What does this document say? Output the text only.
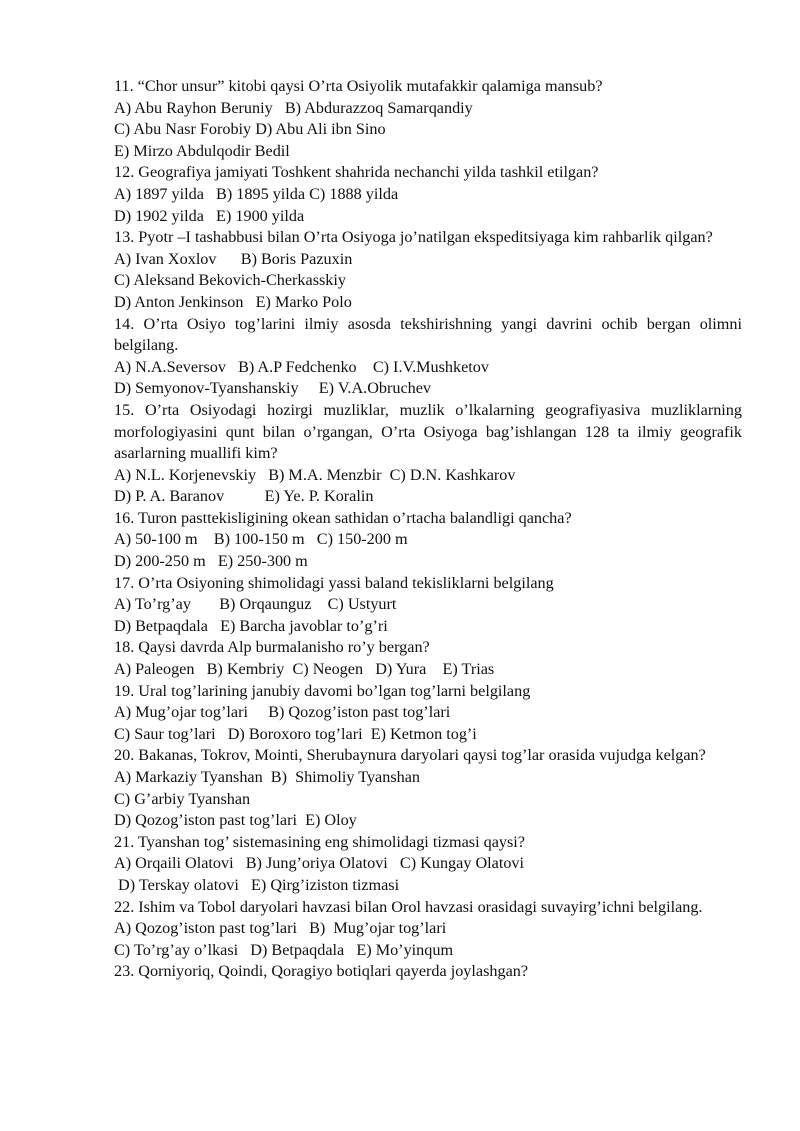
11. “Chor unsur” kitobi qaysi O’rta Osiyolik mutafakkir qalamiga mansub?
A) Abu Rayhon Beruniy   B) Abdurazzoq Samarqandiy
C) Abu Nasr Forobiy D) Abu Ali ibn Sino
E) Mirzo Abdulqodir Bedil
12. Geografiya jamiyati Toshkent shahrida nechanchi yilda tashkil etilgan?
A) 1897 yilda   B) 1895 yilda C) 1888 yilda
D) 1902 yilda   E) 1900 yilda
13. Pyotr –I tashabbusi bilan O’rta Osiyoga jo’natilgan ekspeditsiyaga kim rahbarlik qilgan?
A) Ivan Xoxlov      B) Boris Pazuxin
C) Aleksand Bekovich-Cherkasskiy
D) Anton Jenkinson   E) Marko Polo
14. O’rta Osiyo tog’larini ilmiy asosda tekshirishning yangi davrini ochib bergan olimni belgilang.
A) N.A.Seversov   B) A.P Fedchenko    C) I.V.Mushketov
D) Semyonov-Tyanshanskiy     E) V.A.Obruchev
15. O’rta Osiyodagi hozirgi muzliklar, muzlik o’lkalarning geografiyasiva muzliklarning morfologiyasini qunt bilan o’rgangan, O’rta Osiyoga bag’ishlangan 128 ta ilmiy geografik asarlarning muallifi kim?
A) N.L. Korjenevskiy   B) M.A. Menzbir  C) D.N. Kashkarov
D) P. A. Baranov          E) Ye. P. Koralin
16. Turon pasttekisligining okean sathidan o’rtacha balandligi qancha?
A) 50-100 m    B) 100-150 m   C) 150-200 m
D) 200-250 m   E) 250-300 m
17. O’rta Osiyoning shimolidagi yassi baland tekisliklarni belgilang
A) To’rg’ay       B) Orqaunguz    C) Ustyurt
D) Betpaqdala   E) Barcha javoblar to’g’ri
18. Qaysi davrda Alp burmalanisho ro’y bergan?
A) Paleogen   B) Kembriy  C) Neogen   D) Yura    E) Trias
19. Ural tog’larining janubiy davomi bo’lgan tog’larni belgilang
A) Mug’ojar tog’lari     B) Qozog’iston past tog’lari
C) Saur tog’lari   D) Boroxoro tog’lari  E) Ketmon tog’i
20. Bakanas, Tokrov, Mointi, Sherubaynura daryolari qaysi tog’lar orasida vujudga kelgan?
A) Markaziy Tyanshan  B)  Shimoliy Tyanshan
C) G’arbiy Tyanshan
D) Qozog’iston past tog’lari  E) Oloy
21. Tyanshan tog’ sistemasining eng shimolidagi tizmasi qaysi?
A) Orqaili Olatovi   B) Jung’oriya Olatovi   C) Kungay Olatovi
D) Terskay olatovi   E) Qirg’iziston tizmasi
22. Ishim va Tobol daryolari havzasi bilan Orol havzasi orasidagi suvayirg’ichni belgilang.
A) Qozog’iston past tog’lari   B)  Mug’ojar tog’lari
C) To’rg’ay o’lkasi   D) Betpaqdala   E) Mo’yinqum
23. Qorniyoriq, Qoindi, Qoragiyo botiqlari qayerda joylashgan?
